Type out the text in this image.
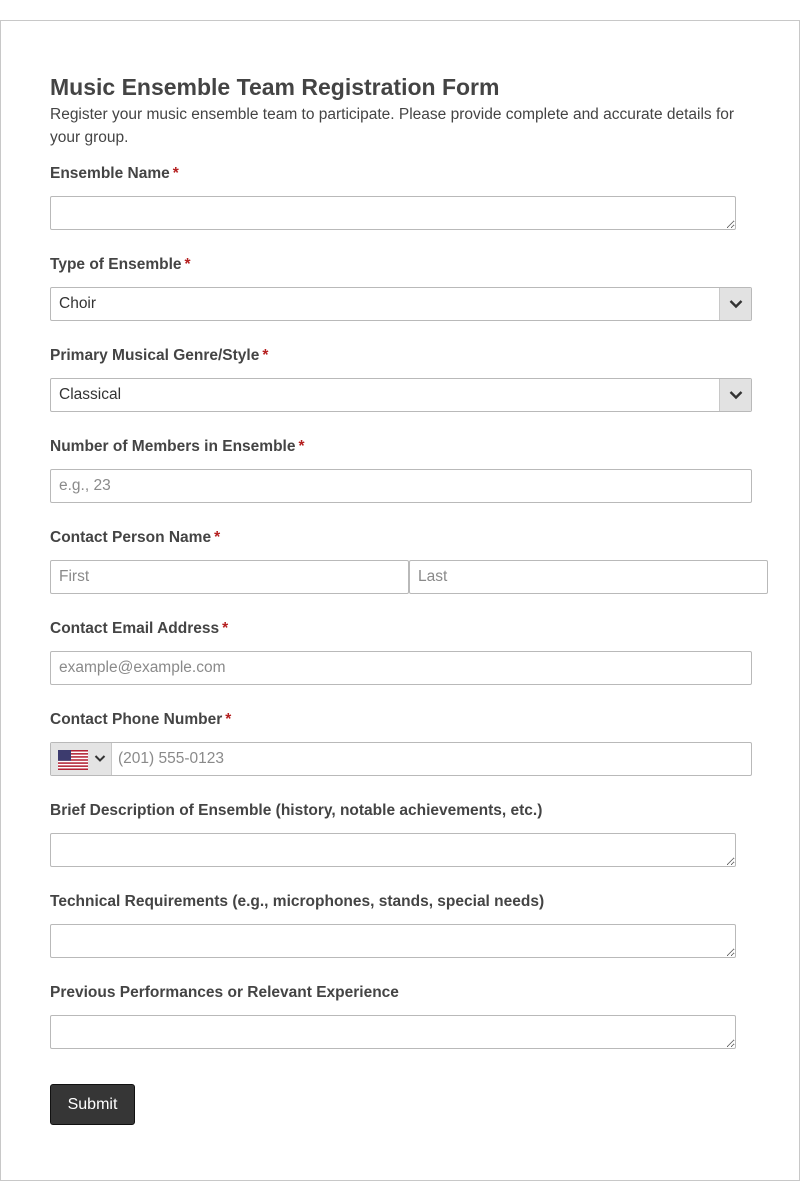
Music Ensemble Team Registration Form
Register your music ensemble team to participate. Please provide complete and accurate details for your group.
Ensemble Name *
Type of Ensemble *
Choir
Primary Musical Genre/Style *
Classical
Number of Members in Ensemble *
e.g., 23
Contact Person Name *
First
Last
Contact Email Address *
example@example.com
Contact Phone Number *
(201) 555-0123
Brief Description of Ensemble (history, notable achievements, etc.)
Technical Requirements (e.g., microphones, stands, special needs)
Previous Performances or Relevant Experience
Submit
